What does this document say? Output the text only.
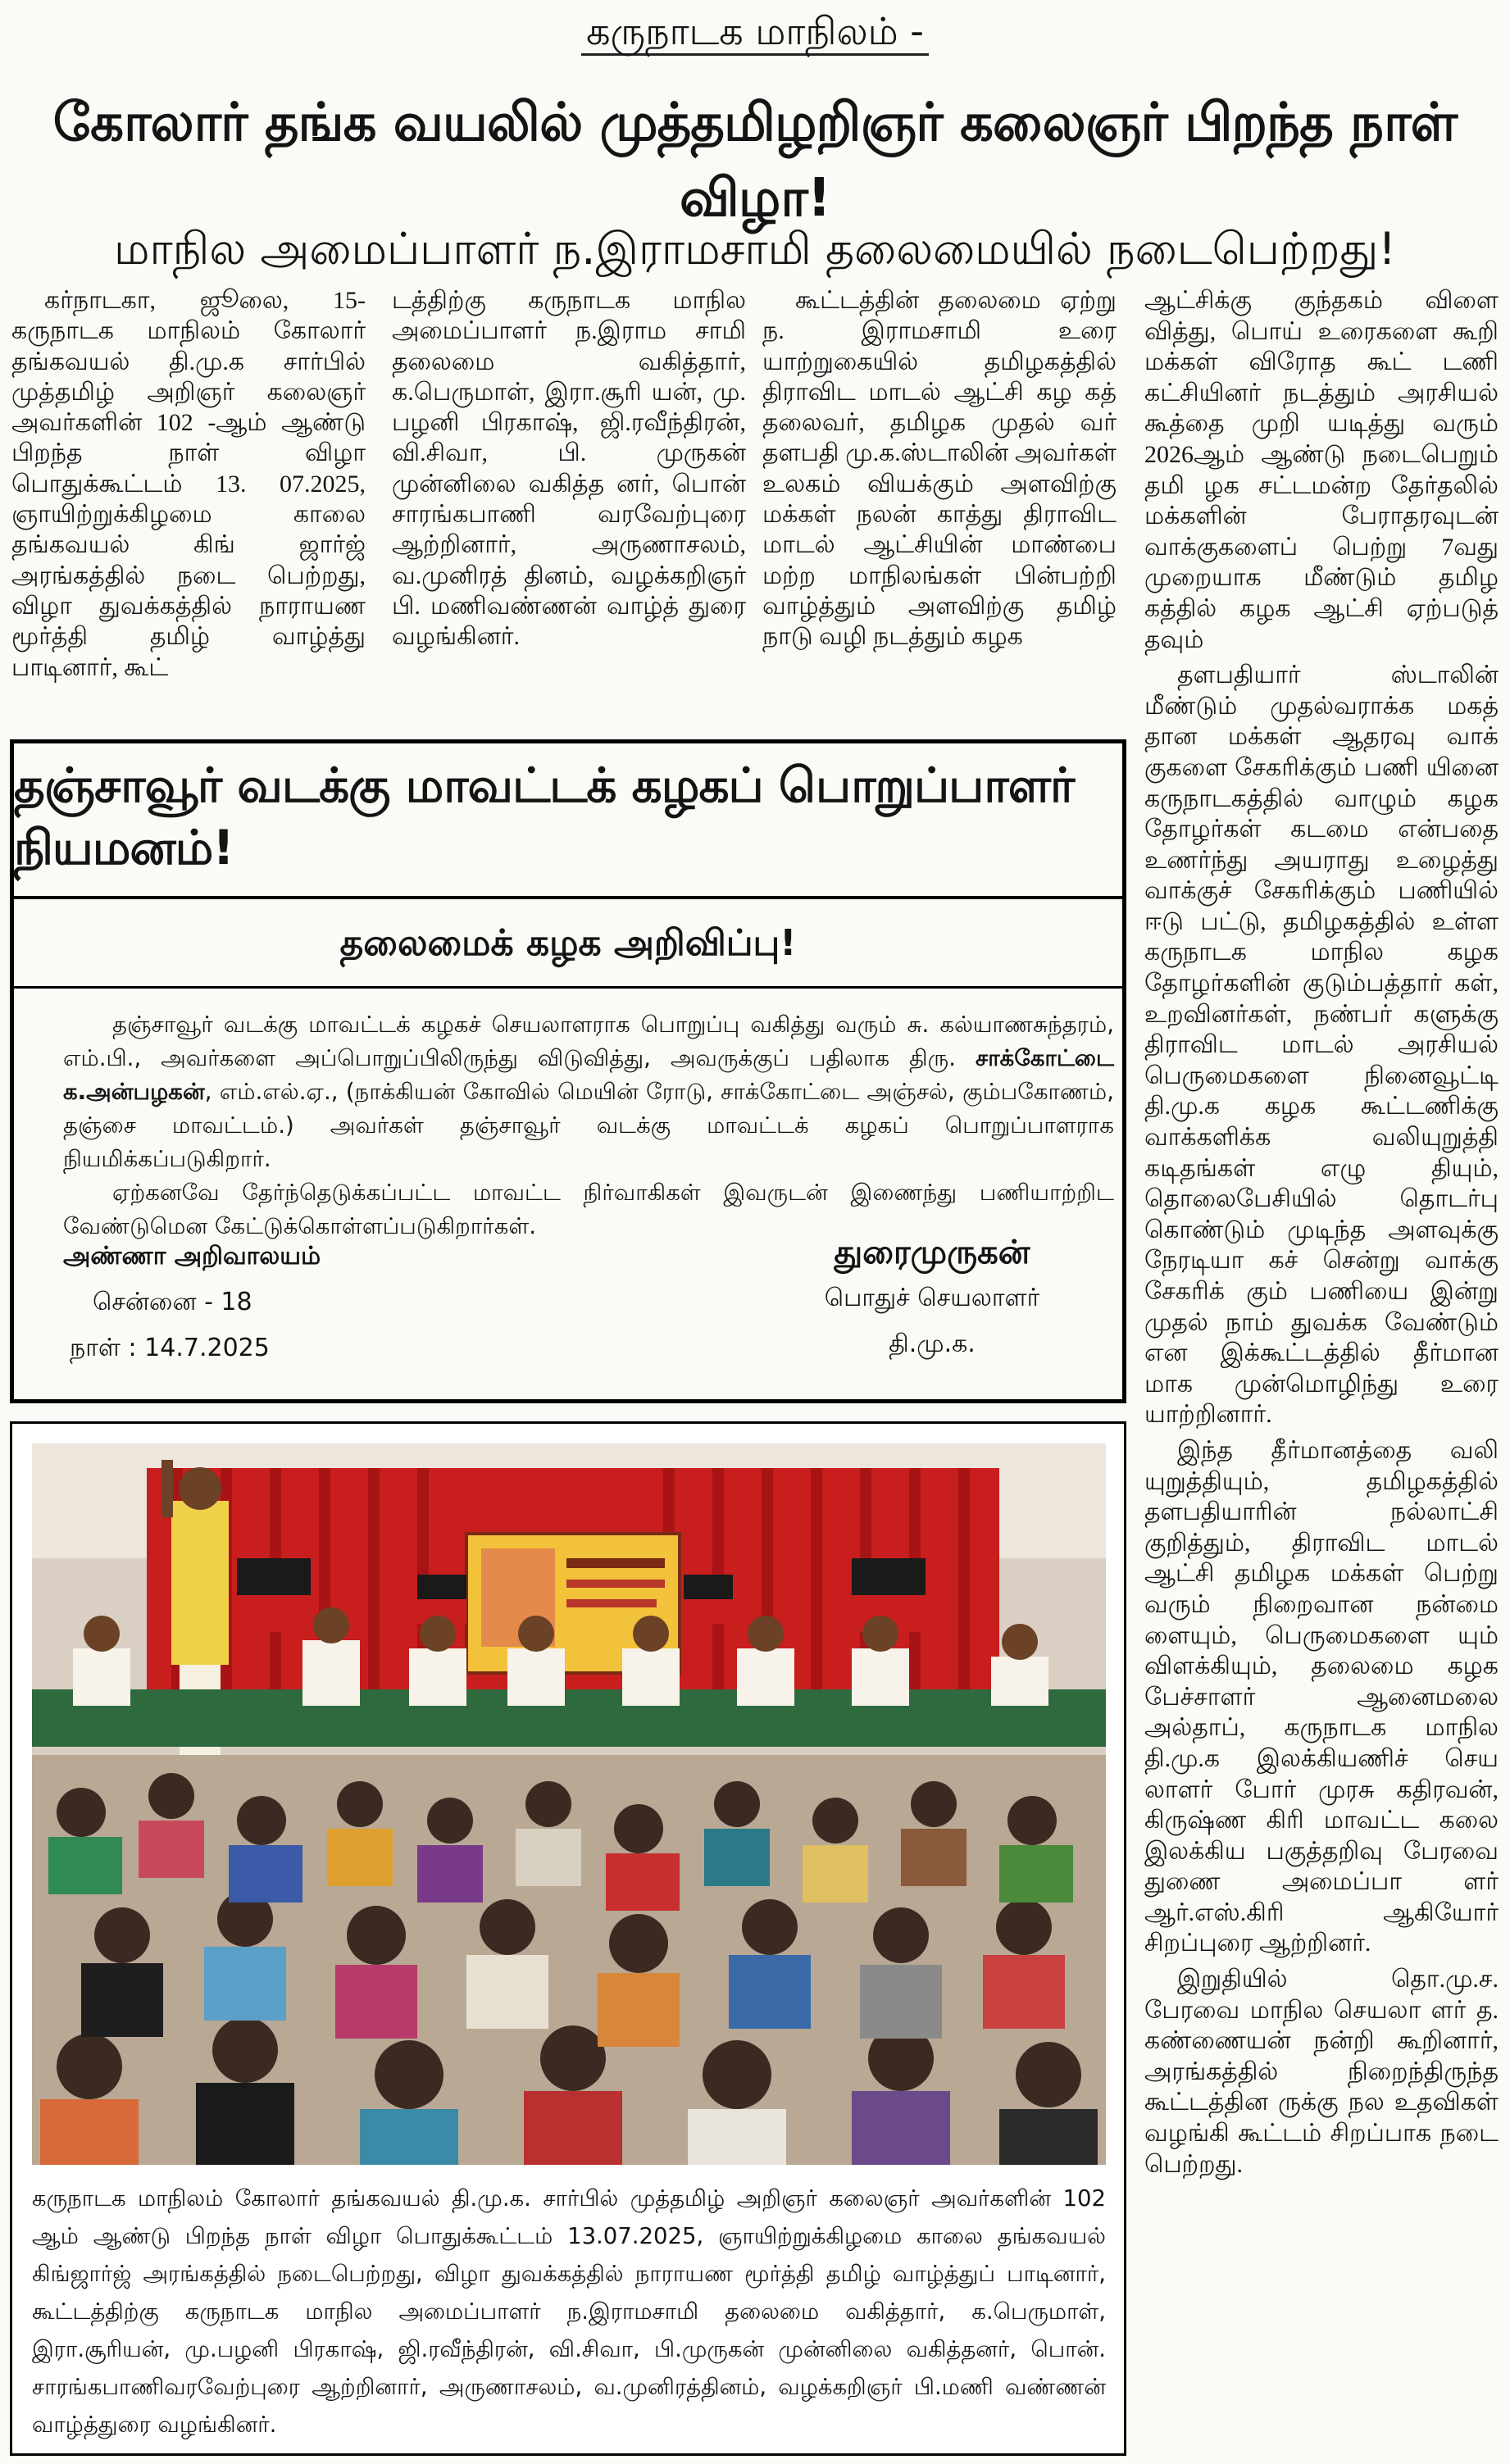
கருநாடக மாநிலம் -
கோலார் தங்க வயலில் முத்தமிழறிஞர் கலைஞர் பிறந்த நாள் விழா!
மாநில அமைப்பாளர் ந.இராமசாமி தலைமையில் நடைபெற்றது!

கர்நாடகா, ஜூலை, 15- கருநாடக மாநிலம் கோலார் தங்கவயல் தி.மு.க சார்பில் முத்தமிழ் அறிஞர் கலைஞர் அவர்களின் 102 -ஆம் ஆண்டு பிறந்த நாள் விழா பொதுக்கூட்டம் 13. 07.2025, ஞாயிற்றுக்கிழமை காலை தங்கவயல் கிங் ஜார்ஜ் அரங்கத்தில் நடை பெற்றது, விழா துவக்கத்தில் நாராயண மூர்த்தி தமிழ் வாழ்த்து பாடினார், கூட்

டத்திற்கு கருநாடக மாநில அமைப்பாளர் ந.இராம சாமி தலைமை வகித்தார், க.பெருமாள், இரா.சூரி யன், மு. பழனி பிரகாஷ், ஜி.ரவீந்திரன், வி.சிவா, பி. முருகன் முன்னிலை வகித்த னர், பொன் சாரங்கபாணி வரவேற்புரை ஆற்றினார், அருணாசலம், வ.முனிரத் தினம், வழக்கறிஞர் பி. மணிவண்ணன் வாழ்த் துரை வழங்கினர்.

கூட்டத்தின் தலைமை ஏற்று ந. இராமசாமி உரை யாற்றுகையில் தமிழகத்தில் திராவிட மாடல் ஆட்சி கழ கத் தலைவர், தமிழக முதல் வர் தளபதி மு.க.ஸ்டாலின் அவர்கள் உலகம் வியக்கும் அளவிற்கு மக்கள் நலன் காத்து திராவிட மாடல் ஆட்சியின் மாண்பை மற்ற மாநிலங்கள் பின்பற்றி வாழ்த்தும் அளவிற்கு தமிழ் நாடு வழி நடத்தும் கழக

ஆட்சிக்கு குந்தகம் விளை வித்து, பொய் உரைகளை கூறி மக்கள் விரோத கூட் டணி கட்சியினர் நடத்தும் அரசியல் கூத்தை முறி யடித்து வரும் 2026ஆம் ஆண்டு நடைபெறும் தமி ழக சட்டமன்ற தேர்தலில் மக்களின் பேராதரவுடன் வாக்குகளைப் பெற்று 7வது முறையாக மீண்டும் தமிழ கத்தில் கழக ஆட்சி ஏற்படுத் தவும்

தளபதியார் ஸ்டாலின் மீண்டும் முதல்வராக்க மகத் தான மக்கள் ஆதரவு வாக் குகளை சேகரிக்கும் பணி யினை கருநாடகத்தில் வாழும் கழக தோழர்கள் கடமை என்பதை உணர்ந்து அயராது உழைத்து வாக்குச் சேகரிக்கும் பணியில் ஈடு பட்டு, தமிழகத்தில் உள்ள கருநாடக மாநில கழக தோழர்களின் குடும்பத்தார் கள், உறவினர்கள், நண்பர் களுக்கு திராவிட மாடல் அரசியல் பெருமைகளை நினைவூட்டி தி.மு.க கழக கூட்டணிக்கு வாக்களிக்க வலியுறுத்தி கடிதங்கள் எழு தியும், தொலைபேசியில் தொடர்பு கொண்டும் முடிந்த அளவுக்கு நேரடியா கச் சென்று வாக்கு சேகரிக் கும் பணியை இன்று முதல் நாம் துவக்க வேண்டும் என இக்கூட்டத்தில் தீர்மான மாக முன்மொழிந்து உரை யாற்றினார்.

இந்த தீர்மானத்தை வலி யுறுத்தியும், தமிழகத்தில் தளபதியாரின் நல்லாட்சி குறித்தும், திராவிட மாடல் ஆட்சி தமிழக மக்கள் பெற்று வரும் நிறைவான நன்மை ளையும், பெருமைகளை யும் விளக்கியும், தலைமை கழக பேச்சாளர் ஆனைமலை அல்தாப், கருநாடக மாநில தி.மு.க இலக்கியணிச் செய லாளர் போர் முரசு கதிரவன், கிருஷ்ண கிரி மாவட்ட கலை இலக்கிய பகுத்தறிவு பேரவை துணை அமைப்பா ளர் ஆர்.எஸ்.கிரி ஆகியோர் சிறப்புரை ஆற்றினர்.

இறுதியில் தொ.மு.ச. பேரவை மாநில செயலா ளர் த. கண்ணையன் நன்றி கூறினார், அரங்கத்தில் நிறைந்திருந்த கூட்டத்தின ருக்கு நல உதவிகள் வழங்கி கூட்டம் சிறப்பாக நடை பெற்றது.

தஞ்சாவூர் வடக்கு மாவட்டக் கழகப் பொறுப்பாளர் நியமனம்!
தலைமைக் கழக அறிவிப்பு!

தஞ்சாவூர் வடக்கு மாவட்டக் கழகச் செயலாளராக பொறுப்பு வகித்து வரும் சு. கல்யாணசுந்தரம், எம்.பி., அவர்களை அப்பொறுப்பிலிருந்து விடுவித்து, அவருக்குப் பதிலாக திரு. சாக்கோட்டை க.அன்பழகன், எம்.எல்.ஏ., (நாக்கியன் கோவில் மெயின் ரோடு, சாக்கோட்டை அஞ்சல், கும்பகோணம், தஞ்சை மாவட்டம்.) அவர்கள் தஞ்சாவூர் வடக்கு மாவட்டக் கழகப் பொறுப்பாளராக நியமிக்கப்படுகிறார்.

ஏற்கனவே தேர்ந்தெடுக்கப்பட்ட மாவட்ட நிர்வாகிகள் இவருடன் இணைந்து பணியாற்றிட வேண்டுமென கேட்டுக்கொள்ளப்படுகிறார்கள்.

அண்ணா அறிவாலயம்
சென்னை - 18
நாள் : 14.7.2025
துரைமுருகன்
பொதுச் செயலாளர்
தி.மு.க.
கருநாடக மாநிலம் கோலார் தங்கவயல் தி.மு.க. சார்பில் முத்தமிழ் அறிஞர் கலைஞர் அவர்களின் 102 ஆம் ஆண்டு பிறந்த நாள் விழா பொதுக்கூட்டம் 13.07.2025, ஞாயிற்றுக்கிழமை காலை தங்கவயல் கிங்ஜார்ஜ் அரங்கத்தில் நடைபெற்றது, விழா துவக்கத்தில் நாராயண மூர்த்தி தமிழ் வாழ்த்துப் பாடினார், கூட்டத்திற்கு கருநாடக மாநில அமைப்பாளர் ந.இராமசாமி தலைமை வகித்தார், க.பெருமாள், இரா.சூரியன், மு.பழனி பிரகாஷ், ஜி.ரவீந்திரன், வி.சிவா, பி.முருகன் முன்னிலை வகித்தனர், பொன். சாரங்கபாணிவரவேற்புரை ஆற்றினார், அருணாசலம், வ.முனிரத்தினம், வழக்கறிஞர் பி.மணி வண்ணன் வாழ்த்துரை வழங்கினர்.
